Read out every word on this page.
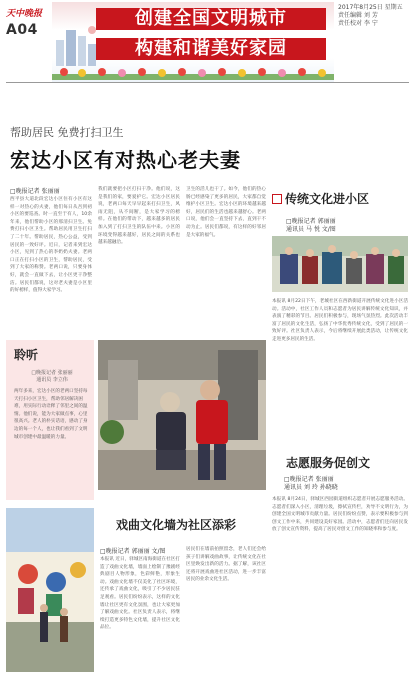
天中晚报
A04
创建全国文明城市
构建和谐美好家园
2017年8月25日 星期五
责任编辑 刘 芳
责任校对 李 宁
帮助居民 免费打扫卫生
宏达小区有对热心老夫妻
□晚报记者 张丽丽
西平县大道北段宏达小区住有小区有这样一对热心的夫妻，他们每日从吾到初小区的要巡查。时一直至于有人，10余年来，他们帮助小区的那清扫卫生。免费打扫小区卫生。帮助居民用卫生打扫了二十年。帮助居民，热心公益，受到居民的一致好评。近日，记者来到宏达小区，见到了热心的李奶奶夫妻。老两口正在打扫小区的卫生，帮助居民，受到了大家的称赞。老两口说，只要身体好，就会一直做下去，让小区更干净整洁。居民们都说，这对老夫妻是小区里的好榜样，值得大家学习。
我们就要把小区打扫干净。他们说，这是我们的家，要爱护它。宏达小区居民说，老两口每天早早起来打扫卫生，风雨无阻，从不间断，是大家学习的榜样。在他们的带动下，越来越多的居民加入到了打扫卫生的队伍中来。小区的环境变得越来越好，居民之间的关系也越来越融洽。
卫生的活儿也干了。如今，他们的热心肠已经感染了更多的居民，大家都自觉维护小区卫生。宏达小区的环境越来越好，居民们的生活也越来越舒心。老两口说，他们会一直坚持下去，直到干不动为止。居民们都说，有这样的好邻居是大家的福气。
传统文化进小区
□晚报记者 郭丽丽
通讯员 马 悦 文/图
本报讯 8月22日下午，老城社区在西新街道开展传统文化进小区活动。活动中，社区工作人员和志愿者为居民讲解传统文化知识，并表演了精彩的节目。居民们积极参与，现场气氛热烈。此次活动丰富了居民的文化生活，弘扬了中华优秀传统文化，受到了居民的一致好评。社区负责人表示，今后将继续开展此类活动，让传统文化走进更多居民的生活。
聆听
□晚报记者 张丽丽
通讯员 李立伟
两年多来，宏达小区的老两口坚持每天打扫小区卫生，帮助邻居解决困难，用实际行动诠释了邻里之间的温情。他们说，能为大家做点事，心里很高兴。老人的朴实话语，感动了身边的每一个人，也让我们看到了文明城市创建中最温暖的力量。
志愿服务促创文
□晚报记者 张丽丽
通讯员 刘 玲 孙晓晓
本报讯 8月24日，驿城区西园街道组织志愿者开展志愿服务活动。志愿者们深入小区，清理垃圾，擦拭宣传栏，劝导不文明行为，为创建全国文明城市贡献力量。居民们纷纷点赞，表示要积极参与到创文工作中来，共同建设美好家园。活动中，志愿者们还向居民发放了创文宣传资料，提高了居民对创文工作的知晓率和参与度。
戏曲文化墙为社区添彩
□晚报记者 郭丽丽 文/图
本报讯 近日，驿城区南海街道在社区打造了戏曲文化墙，墙面上绘制了豫剧经典剧目人物形象，色彩鲜艳，形象生动。戏曲文化墙不仅美化了社区环境，还传承了戏曲文化，吸引了不少居民驻足观看。居民们纷纷表示，这样的文化墙让社区更有文化氛围，也让大家更加了解戏曲文化。社区负责人表示，将继续打造更多特色文化墙，提升社区文化品位。
居民们在墙前拍照留念，老人们还会给孩子们讲解戏曲故事，让传统文化在社区里焕发出新的活力。据了解，该社区还将开展戏曲进社区活动，进一步丰富居民的业余文化生活。
